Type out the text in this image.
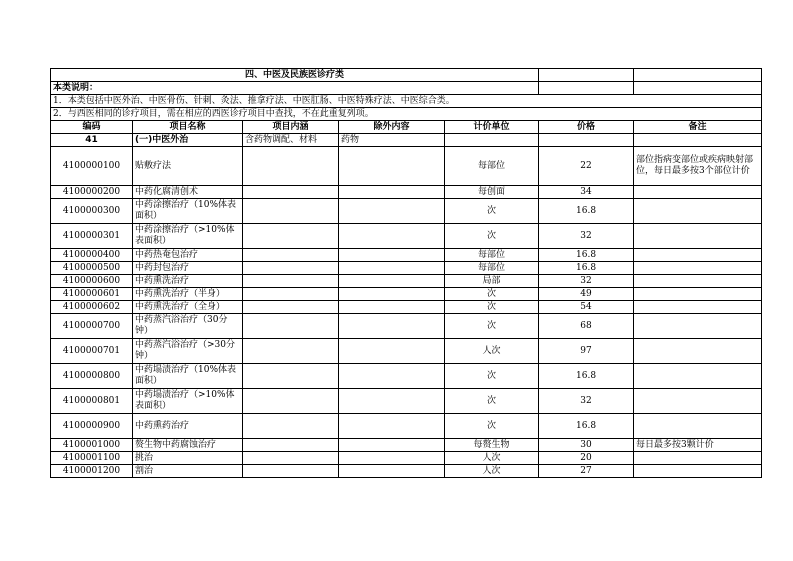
四、中医及民族医诊疗类						
本类说明：						
1．本类包括中医外治、中医骨伤、针刺、灸法、推拿疗法、中医肛肠、中医特殊疗法、中医综合类。						
2．与西医相同的诊疗项目，需在相应的西医诊疗项目中查找，不在此重复列项。						
编码	项目名称	项目内涵	除外内容	计价单位	价格	备注
41	(一)中医外治	含药物调配、材料	药物			
4100000100	贴敷疗法			每部位	22	部位指病变部位或疾病映射部位，每日最多按3个部位计价
4100000200	中药化腐清创术			每创面	34	
4100000300	中药涂擦治疗（10%体表面积）			次	16.8	
4100000301	中药涂擦治疗（>10%体表面积）			次	32	
4100000400	中药热奄包治疗			每部位	16.8	
4100000500	中药封包治疗			每部位	16.8	
4100000600	中药熏洗治疗			局部	32	
4100000601	中药熏洗治疗（半身）			次	49	
4100000602	中药熏洗治疗（全身）			次	54	
4100000700	中药蒸汽浴治疗（30分钟）			次	68	
4100000701	中药蒸汽浴治疗（>30分钟）			人次	97	
4100000800	中药塌渍治疗（10%体表面积）			次	16.8	
4100000801	中药塌渍治疗（>10%体表面积）			次	32	
4100000900	中药熏药治疗			次	16.8	
4100001000	赘生物中药腐蚀治疗			每赘生物	30	每日最多按3颗计价
4100001100	挑治			人次	20	
4100001200	割治			人次	27	
